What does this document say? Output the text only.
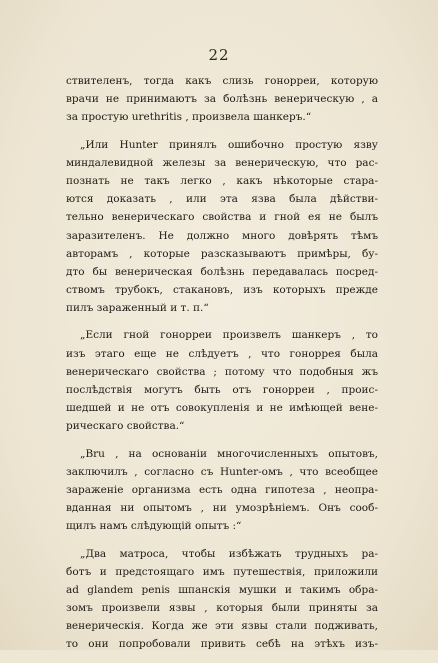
22
ствителенъ, тогда какъ слизь гонорреи, которую
врачи не принимаютъ за болѣзнь венерическую , а
за простую urethritis , произвела шанкеръ.“
„Или Hunter принялъ ошибочно простую язву
миндалевидной железы за венерическую, что рас-
познать не такъ легко , какъ нѣкоторые стара-
ются доказать , или эта язва была дѣйстви-
тельно венерическаго свойства и гной ея не былъ
заразителенъ. Не должно много довѣрять тѣмъ
авторамъ , которые разсказываютъ примѣры, бу-
дто бы венерическая болѣзнь передавалась посред-
ствомъ трубокъ, стакановъ, изъ которыхъ прежде
пилъ зараженный и т. п.“
„Если гной гонорреи произвелъ шанкеръ , то
изъ этаго еще не слѣдуетъ , что гоноррея была
венерическаго свойства ; потому что подобныя жъ
послѣдствія могутъ быть отъ гонорреи , проис-
шедшей и не отъ совокупленія и не имѣющей вене-
рическаго свойства.“
„Bru , на основаніи многочисленныхъ опытовъ,
заключилъ , согласно съ Hunter-омъ , что всеобщее
зараженіе организма есть одна гипотеза , неопра-
вданная ни опытомъ , ни умозрѣніемъ. Онъ сооб-
щилъ намъ слѣдующій опытъ :“
„Два матроса, чтобы избѣжать трудныхъ ра-
ботъ и предстоящаго имъ путешествія, приложили
ad glandem penis шпанскія мушки и такимъ обра-
зомъ произвели язвы , которыя были приняты за
венерическія. Когда же эти язвы стали подживать,
то они попробовали привить себѣ на этѣхъ изъ-
